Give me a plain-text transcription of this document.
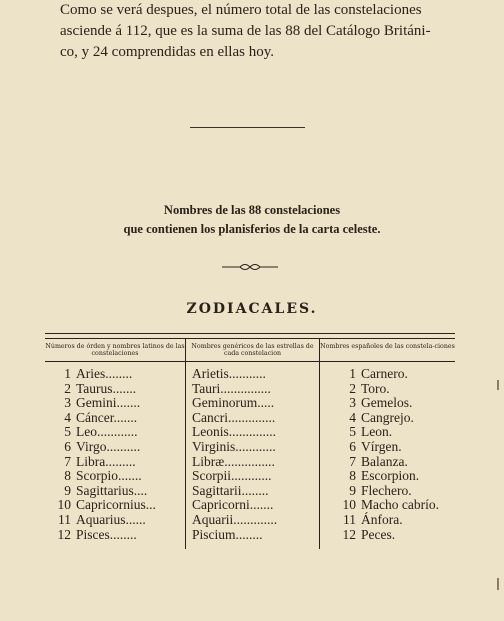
Como se verá despues, el número total de las constelaciones

asciende á 112, que es la suma de las 88 del Catálogo Británi-

co, y 24 comprendidas en ellas hoy.

Nombres de las 88 constelaciones
que contienen los planisferios de la carta celeste.
ZODIACALES.
Números de órden y nombres latinos de las constelaciones
Nombres genéricos de las estrellas de cada constelacion
Nombres españoles de las constela-ciones
1 Aries........
2 Taurus.......
3 Gemini.......
4 Cáncer.......
5 Leo............
6 Virgo..........
7 Libra.........
8 Scorpio.......
9 Sagittarius....
10 Capricornius...
11 Aquarius......
12 Pisces........
Arietis...........
Tauri...............
Geminorum.....
Cancri..............
Leonis..............
Virginis............
Libræ...............
Scorpii............
Sagittarii........
Capricorni.......
Aquarii.............
Piscium........
1 Carnero.
2 Toro.
3 Gemelos.
4 Cangrejo.
5 Leon.
6 Vírgen.
7 Balanza.
8 Escorpion.
9 Flechero.
10 Macho cabrío.
11 Ánfora.
12 Peces.
